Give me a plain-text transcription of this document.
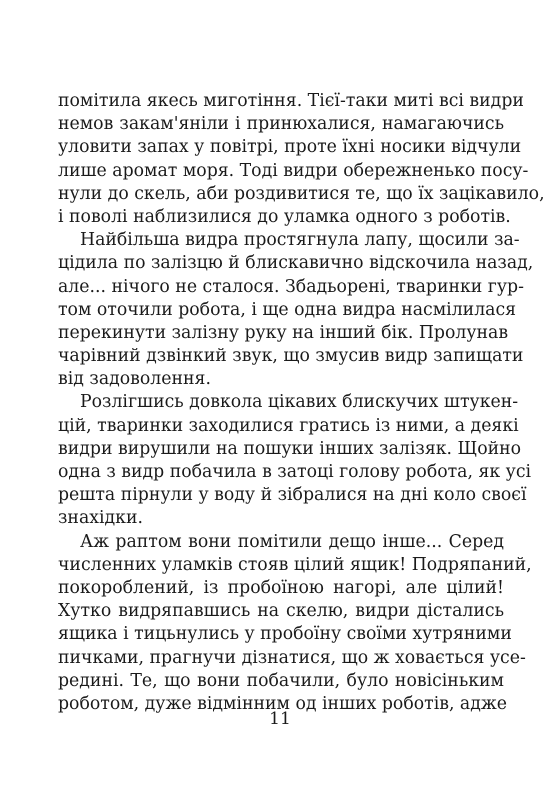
помітила якесь миготіння. Тієї-таки миті всі видри
немов закам'яніли і принюхалися, намагаючись
уловити запах у повітрі, проте їхні носики відчули
лише аромат моря. Тоді видри обережненько посу-
нули до скель, аби роздивитися те, що їх зацікавило,
і поволі наблизилися до уламка одного з роботів.
Найбільша видра простягнула лапу, щосили за-
цідила по залізцю й блискавично відскочила назад,
але... нічого не сталося. Збадьорені, тваринки гур-
том оточили робота, і ще одна видра насмілилася
перекинути залізну руку на інший бік. Пролунав
чарівний дзвінкий звук, що змусив видр запищати
від задоволення.
Розлігшись довкола цікавих блискучих штукен-
цій, тваринки заходилися гратись із ними, а деякі
видри вирушили на пошуки інших залізяк. Щойно
одна з видр побачила в затоці голову робота, як усі
решта пірнули у воду й зібралися на дні коло своєї
знахідки.
Аж раптом вони помітили дещо інше... Серед
численних уламків стояв цілий ящик! Подряпаний,
покорoблений, із пробоїною нагорі, але цілий!
Хутко видряпавшись на скелю, видри дістались
ящика і тицьнулись у пробоїну своїми хутряними
пичками, прагнучи дізнатися, що ж ховається усе-
редині. Те, що вони побачили, було новісіньким
роботом, дуже відмінним од інших роботів, адже
11
